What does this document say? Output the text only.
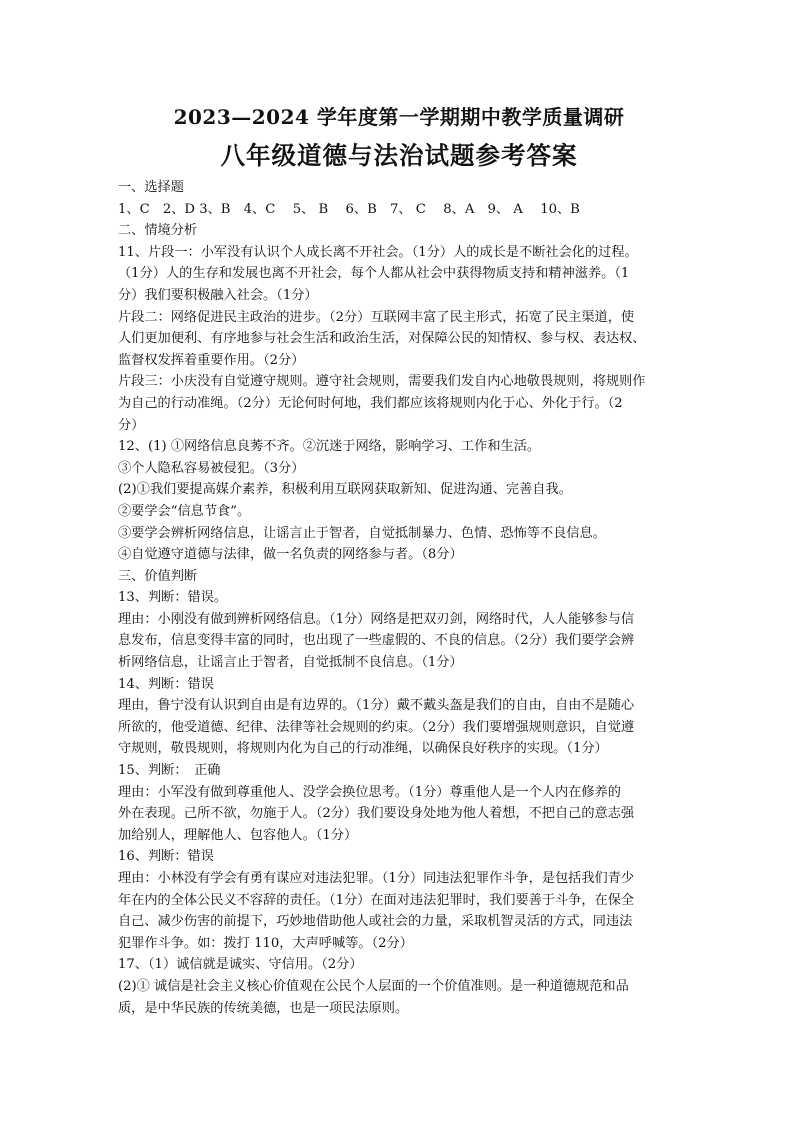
2023—2024 学年度第一学期期中教学质量调研
八年级道德与法治试题参考答案
一、选择题
1、C　2、D 3、B　4、C　 5、 B　 6、B　7、 C　 8、A　9、 A　 10、B
二、情境分析
11、片段一：小军没有认识个人成长离不开社会。（1分）人的成长是不断社会化的过程。
（1分）人的生存和发展也离不开社会，每个人都从社会中获得物质支持和精神滋养。（1
分）我们要积极融入社会。（1分）
片段二：网络促进民主政治的进步。（2分）互联网丰富了民主形式，拓宽了民主渠道，使
人们更加便利、有序地参与社会生活和政治生活，对保障公民的知情权、参与权、表达权、
监督权发挥着重要作用。（2分）
片段三：小庆没有自觉遵守规则。遵守社会规则，需要我们发自内心地敬畏规则，将规则作
为自己的行动准绳。（2分）无论何时何地，我们都应该将规则内化于心、外化于行。（2
分）
12、(1) ①网络信息良莠不齐。②沉迷于网络，影响学习、工作和生活。
③个人隐私容易被侵犯。（3分）
(2)①我们要提高媒介素养，积极利用互联网获取新知、促进沟通、完善自我。
②要学会“信息节食”。
③要学会辨析网络信息，让谣言止于智者，自觉抵制暴力、色情、恐怖等不良信息。
④自觉遵守道德与法律，做一名负责的网络参与者。（8分）
三、价值判断
13、判断：错误。
理由：小刚没有做到辨析网络信息。（1分）网络是把双刃剑，网络时代，人人能够参与信
息发布，信息变得丰富的同时，也出现了一些虚假的、不良的信息。（2分）我们要学会辨
析网络信息，让谣言止于智者，自觉抵制不良信息。（1分）
14、判断：错误
理由，鲁宁没有认识到自由是有边界的。（1分）戴不戴头盔是我们的自由，自由不是随心
所欲的，他受道德、纪律、法律等社会规则的约束。（2分）我们要增强规则意识，自觉遵
守规则，敬畏规则，将规则内化为自己的行动准绳，以确保良好秩序的实现。（1分）
15、判断：　正确
理由：小军没有做到尊重他人、没学会换位思考。（1分）尊重他人是一个人内在修养的
外在表现。己所不欲，勿施于人。（2分）我们要设身处地为他人着想，不把自己的意志强
加给别人，理解他人、包容他人。（1分）
16、判断：错误
理由：小林没有学会有勇有谋应对违法犯罪。（1分）同违法犯罪作斗争，是包括我们青少
年在内的全体公民义不容辞的责任。（1分）在面对违法犯罪时，我们要善于斗争，在保全
自己、减少伤害的前提下，巧妙地借助他人或社会的力量，采取机智灵活的方式，同违法
犯罪作斗争。如：拨打 110，大声呼喊等。（2分）
17、（1）诚信就是诚实、守信用。（2分）
(2)① 诚信是社会主义核心价值观在公民个人层面的一个价值准则。是一种道德规范和品
质，是中华民族的传统美德，也是一项民法原则。
